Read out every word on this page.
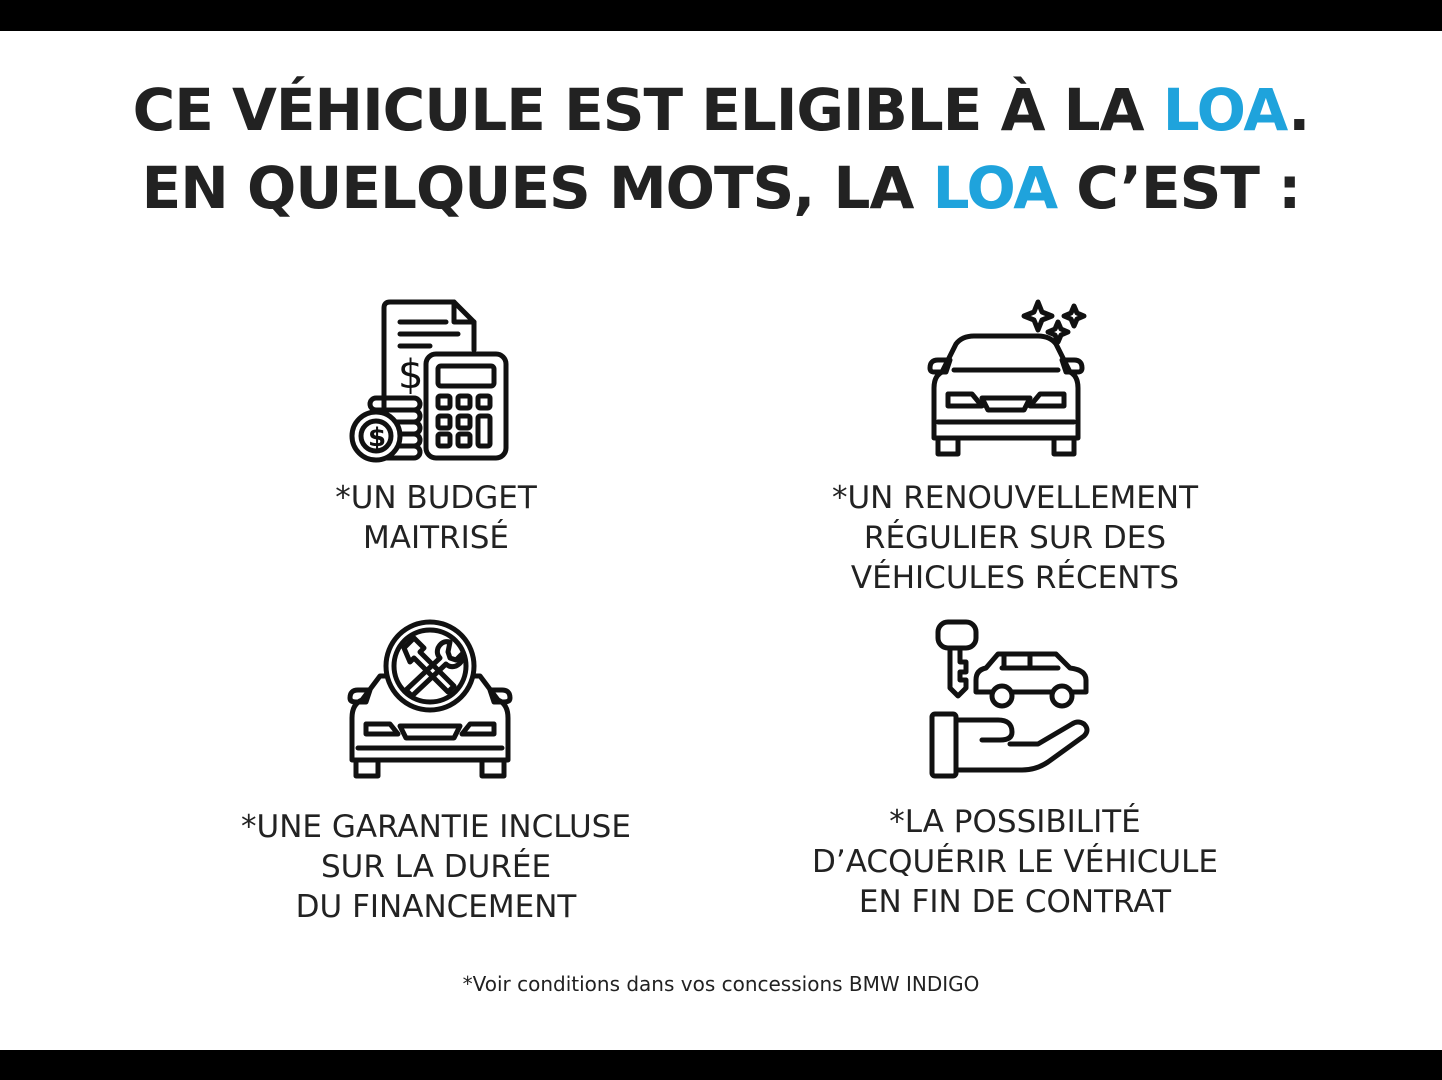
CE VÉHICULE EST ELIGIBLE À LA LOA.
EN QUELQUES MOTS, LA LOA C’EST :
$
$
*UN BUDGET
MAITRISÉ
*UN RENOUVELLEMENT
RÉGULIER SUR DES
VÉHICULES RÉCENTS
*UNE GARANTIE INCLUSE
SUR LA DURÉE
DU FINANCEMENT
*LA POSSIBILITÉ
D’ACQUÉRIR LE VÉHICULE
EN FIN DE CONTRAT
*Voir conditions dans vos concessions BMW INDIGO
